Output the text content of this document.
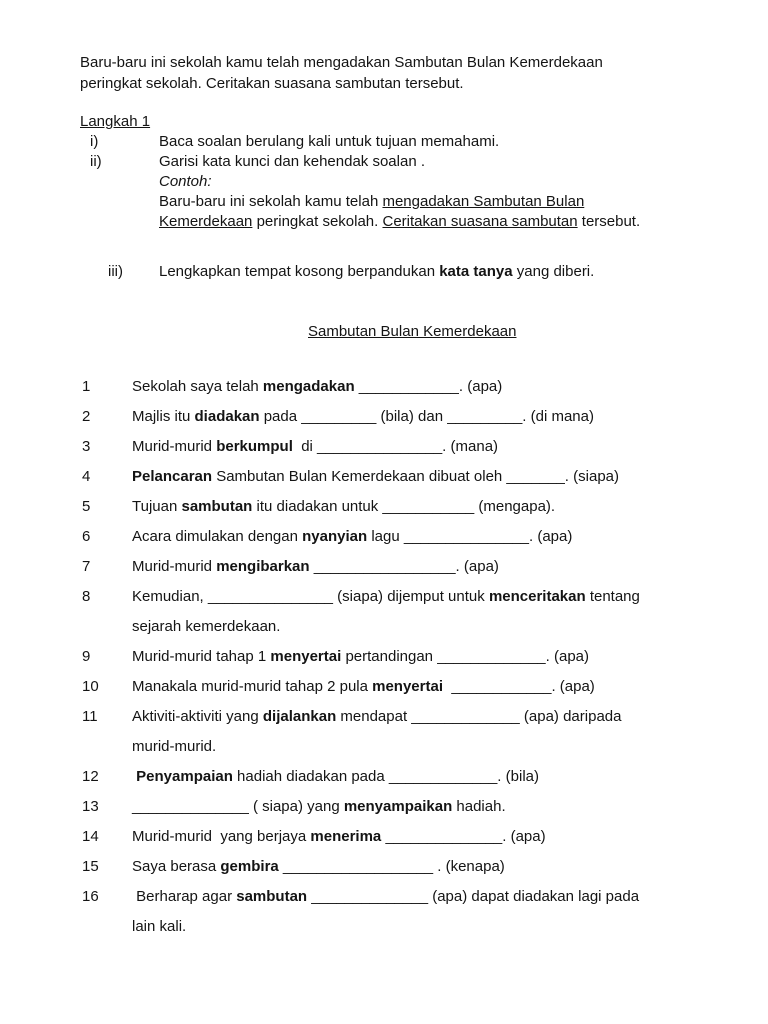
Baru-baru ini sekolah kamu telah mengadakan Sambutan Bulan Kemerdekaan

peringkat sekolah. Ceritakan suasana sambutan tersebut.

Langkah 1
i)	Baca soalan berulang kali untuk tujuan memahami.
ii)	Garisi kata kunci dan kehendak soalan .
Contoh:
Baru-baru ini sekolah kamu telah mengadakan Sambutan Bulan
Kemerdekaan peringkat sekolah. Ceritakan suasana sambutan tersebut.
iii) Lengkapkan tempat kosong berpandukan kata tanya yang diberi.
Sambutan Bulan Kemerdekaan
1	Sekolah saya telah mengadakan ____________. (apa)
2	Majlis itu diadakan pada _________ (bila) dan _________. (di mana)
3	Murid-murid berkumpul  di _______________. (mana)
4	Pelancaran Sambutan Bulan Kemerdekaan dibuat oleh _______. (siapa)
5	Tujuan sambutan itu diadakan untuk ___________ (mengapa).
6	Acara dimulakan dengan nyanyian lagu _______________. (apa)
7	Murid-murid mengibarkan _________________. (apa)
8	Kemudian, _______________ (siapa) dijemput untuk menceritakan tentang
sejarah kemerdekaan.
9	Murid-murid tahap 1 menyertai pertandingan _____________. (apa)
10	Manakala murid-murid tahap 2 pula menyertai  ____________. (apa)
11	Aktiviti-aktiviti yang dijalankan mendapat _____________ (apa) daripada
murid-murid.
12	Penyampaian hadiah diadakan pada _____________. (bila)
13	______________ ( siapa) yang menyampaikan hadiah.
14	Murid-murid  yang berjaya menerima ______________. (apa)
15	Saya berasa gembira __________________ . (kenapa)
16	Berharap agar sambutan ______________ (apa) dapat diadakan lagi pada
lain kali.
